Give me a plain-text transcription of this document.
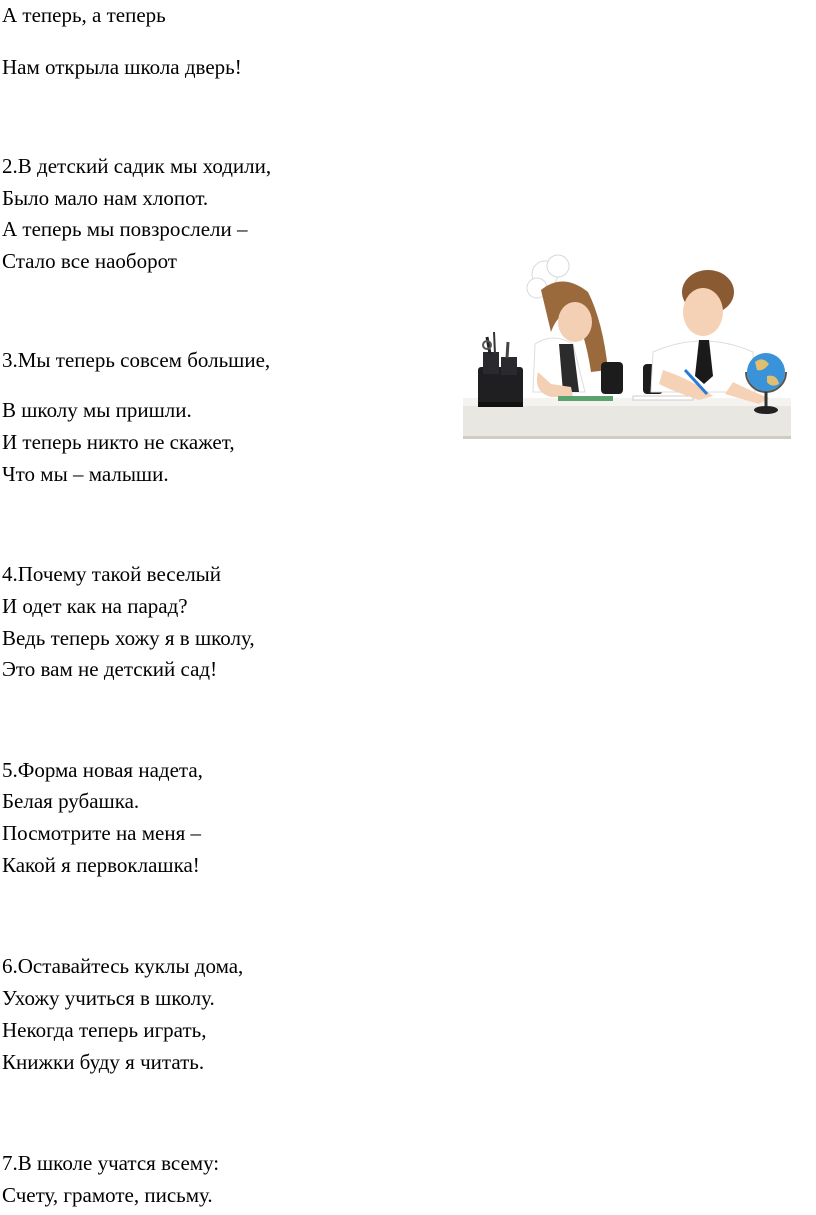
А теперь, а теперь
Нам открыла школа дверь!
2.В детский садик мы ходили,
Было мало нам хлопот.
А теперь мы повзрослели –
Стало все наоборот
3.Мы теперь совсем большие,
В школу мы пришли.
И теперь никто не скажет,
Что мы – малыши.
4.Почему такой веселый
И одет как на парад?
Ведь теперь хожу я в школу,
Это вам не детский сад!
5.Форма новая надета,
Белая рубашка.
Посмотрите на меня –
Какой я первоклашка!
6.Оставайтесь куклы дома,
Ухожу учиться в школу.
Некогда теперь играть,
Книжки буду я читать.
7.В школе учатся всему:
Счету, грамоте, письму.
